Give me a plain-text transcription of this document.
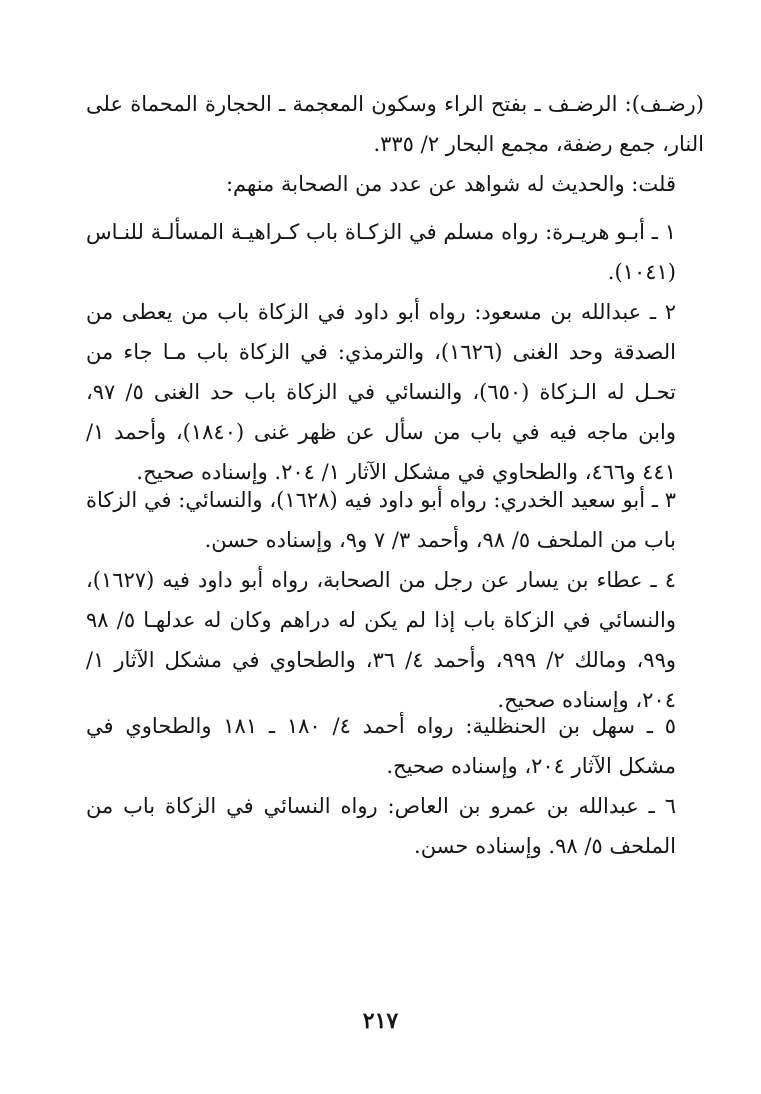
(رضـف): الرضـف ـ بفتح الراء وسكون المعجمة ـ الحجارة المحماة على النار، جمع رضفة، مجمع البحار ٢/ ٣٣٥.

قلت: والحديث له شواهد عن عدد من الصحابة منهم:

١ ـ أبـو هريـرة: رواه مسلم في الزكـاة باب كـراهيـة المسألـة للنـاس (١٠٤١).

٢ ـ عبدالله بن مسعود: رواه أبو داود في الزكاة باب من يعطى من الصدقة وحد الغنى (١٦٢٦)، والترمذي: في الزكاة باب مـا جاء من تحـل له الـزكاة (٦٥٠)، والنسائي في الزكاة باب حد الغنى ٥/ ٩٧، وابن ماجه فيه في باب من سأل عن ظهر غنى (١٨٤٠)، وأحمد ١/ ٤٤١ و٤٦٦، والطحاوي في مشكل الآثار ١/ ٢٠٤. وإسناده صحيح.

٣ ـ أبو سعيد الخدري: رواه أبو داود فيه (١٦٢٨)، والنسائي: في الزكاة باب من الملحف ٥/ ٩٨، وأحمد ٣/ ٧ و٩، وإسناده حسن.

٤ ـ عطاء بن يسار عن رجل من الصحابة، رواه أبو داود فيه (١٦٢٧)، والنسائي في الزكاة باب إذا لم يكن له دراهم وكان له عدلهـا ٥/ ٩٨ و٩٩، ومالك ٢/ ٩٩٩، وأحمد ٤/ ٣٦، والطحاوي في مشكل الآثار ١/ ٢٠٤، وإسناده صحيح.

٥ ـ سهل بن الحنظلية: رواه أحمد ٤/ ١٨٠ ـ ١٨١ والطحاوي في مشكل الآثار ٢٠٤، وإسناده صحيح.

٦ ـ عبدالله بن عمرو بن العاص: رواه النسائي في الزكاة باب من الملحف ٥/ ٩٨. وإسناده حسن.

٢١٧
